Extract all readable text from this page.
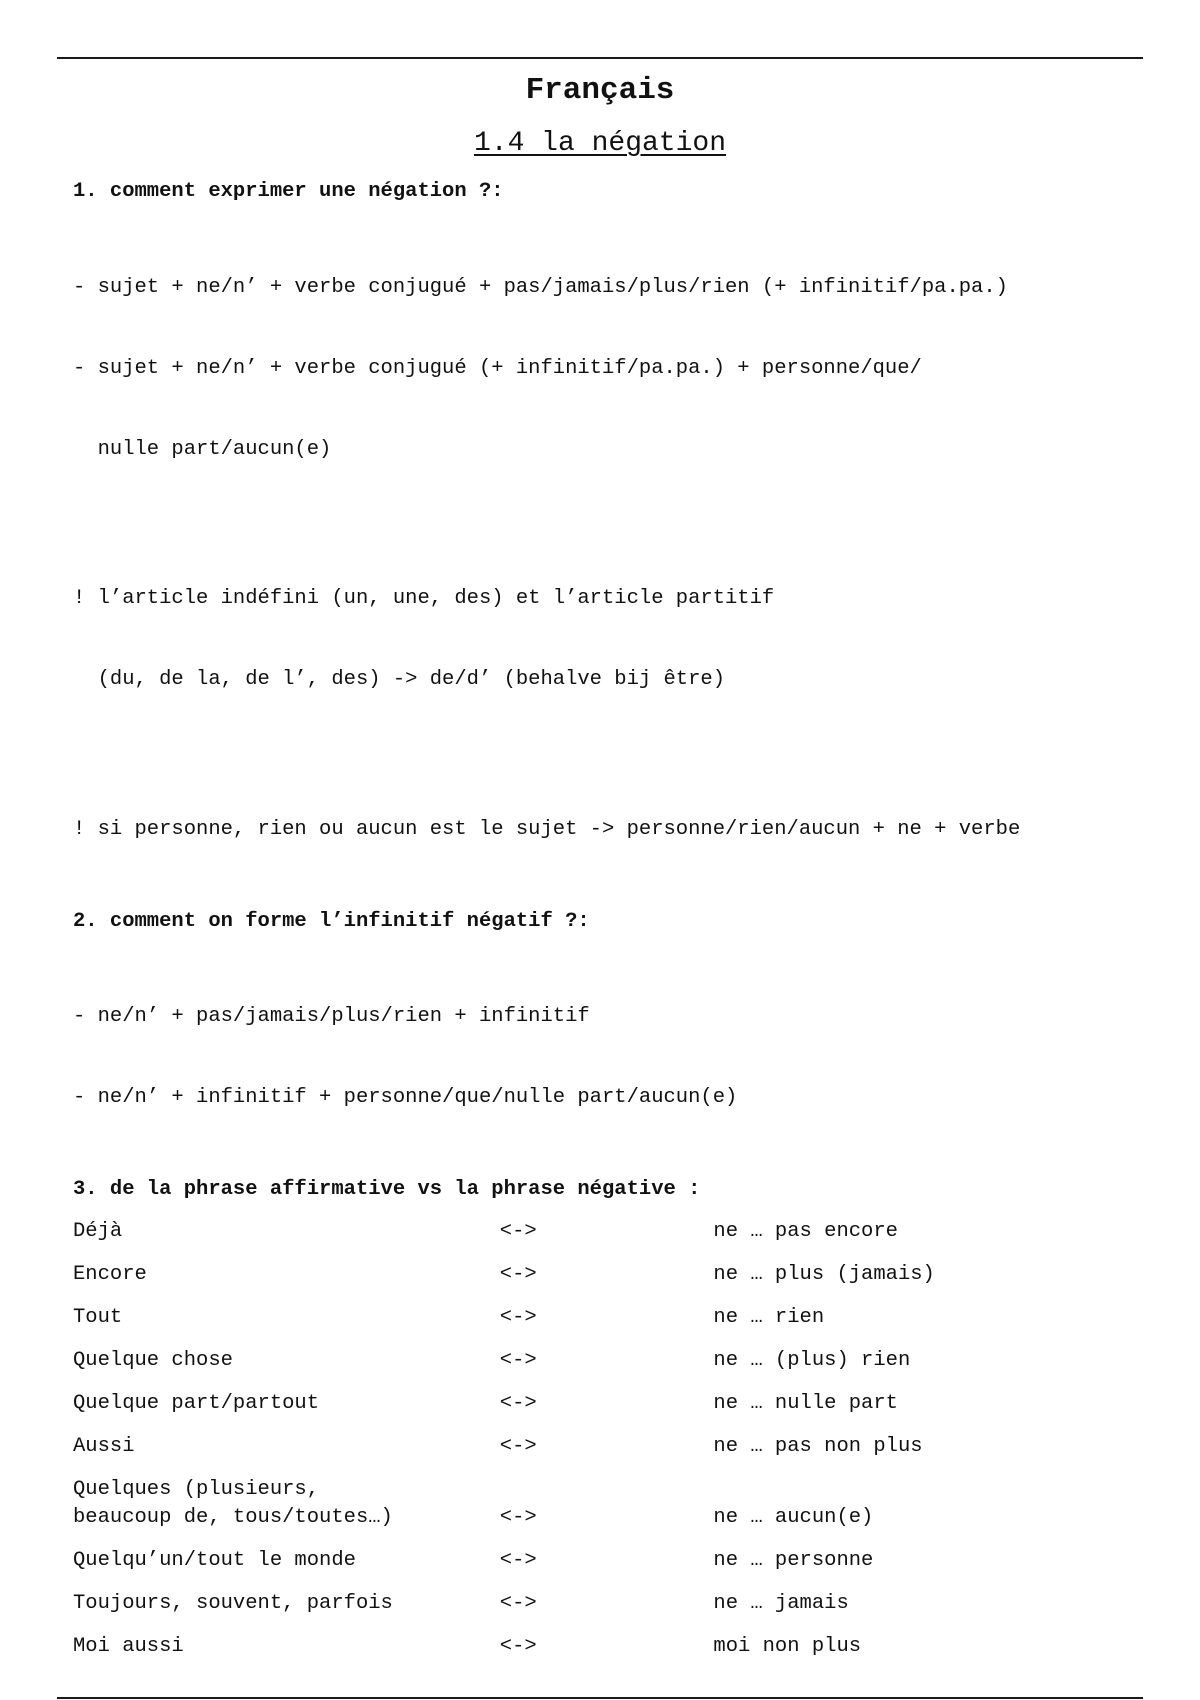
Français
1.4 la négation
1. comment exprimer une négation ?:

- sujet + ne/n’ + verbe conjugué + pas/jamais/plus/rien (+ infinitif/pa.pa.)

- sujet + ne/n’ + verbe conjugué (+ infinitif/pa.pa.) + personne/que/

nulle part/aucun(e)

! l’article indéfini (un, une, des) et l’article partitif

(du, de la, de l’, des) -> de/d’ (behalve bij être)

! si personne, rien ou aucun est le sujet -> personne/rien/aucun + ne + verbe

2. comment on forme l’infinitif négatif ?:

- ne/n’ + pas/jamais/plus/rien + infinitif

- ne/n’ + infinitif + personne/que/nulle part/aucun(e)

3. de la phrase affirmative vs la phrase négative :
Déjà	<->	ne … pas encore
Encore	<->	ne … plus (jamais)
Tout	<->	ne … rien
Quelque chose	<->	ne … (plus) rien
Quelque part/partout	<->	ne … nulle part
Aussi	<->	ne … pas non plus
Quelques (plusieurs,
beaucoup de, tous/toutes…)	<->	ne … aucun(e)
Quelqu’un/tout le monde	<->	ne … personne
Toujours, souvent, parfois	<->	ne … jamais
Moi aussi	<->	moi non plus
